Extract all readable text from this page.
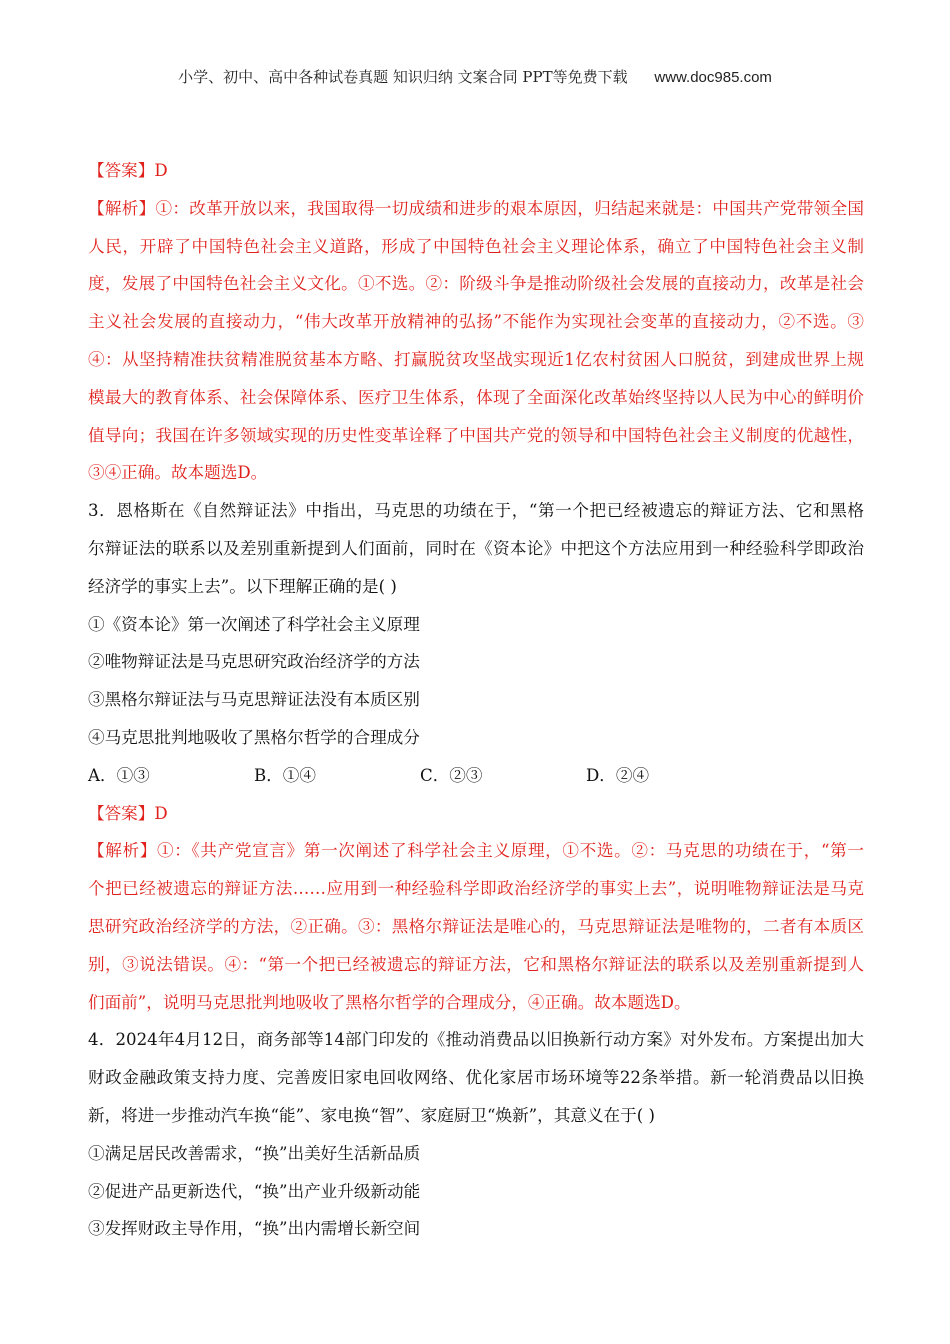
小学、初中、高中各种试卷真题 知识归纳 文案合同 PPT等免费下载 www.doc985.com

【答案】D

【解析】①：改革开放以来，我国取得一切成绩和进步的艰本原因，归结起来就是：中国共产党带领全国

人民，开辟了中国特色社会主义道路，形成了中国特色社会主义理论体系，确立了中国特色社会主义制

度，发展了中国特色社会主义文化。①不选。②：阶级斗争是推动阶级社会发展的直接动力，改革是社会

主义社会发展的直接动力，“伟大改革开放精神的弘扬”不能作为实现社会变革的直接动力，②不选。③

④：从坚持精准扶贫精准脱贫基本方略、打赢脱贫攻坚战实现近1亿农村贫困人口脱贫，到建成世界上规

模最大的教育体系、社会保障体系、医疗卫生体系，体现了全面深化改革始终坚持以人民为中心的鲜明价

值导向；我国在许多领域实现的历史性变革诠释了中国共产党的领导和中国特色社会主义制度的优越性，

③④正确。故本题选D。

3．恩格斯在《自然辩证法》中指出，马克思的功绩在于，“第一个把已经被遗忘的辩证方法、它和黑格

尔辩证法的联系以及差别重新提到人们面前，同时在《资本论》中把这个方法应用到一种经验科学即政治

经济学的事实上去”。以下理解正确的是( )

①《资本论》第一次阐述了科学社会主义原理

②唯物辩证法是马克思研究政治经济学的方法

③黑格尔辩证法与马克思辩证法没有本质区别

④马克思批判地吸收了黑格尔哲学的合理成分

A．①③	B．①④	C．②③	D．②④

【答案】D

【解析】①：《共产党宣言》第一次阐述了科学社会主义原理，①不选。②：马克思的功绩在于，“第一

个把已经被遗忘的辩证方法……应用到一种经验科学即政治经济学的事实上去”，说明唯物辩证法是马克

思研究政治经济学的方法，②正确。③：黑格尔辩证法是唯心的，马克思辩证法是唯物的，二者有本质区

别，③说法错误。④：“第一个把已经被遗忘的辩证方法，它和黑格尔辩证法的联系以及差别重新提到人

们面前”，说明马克思批判地吸收了黑格尔哲学的合理成分，④正确。故本题选D。

4．2024年4月12日，商务部等14部门印发的《推动消费品以旧换新行动方案》对外发布。方案提出加大

财政金融政策支持力度、完善废旧家电回收网络、优化家居市场环境等22条举措。新一轮消费品以旧换

新，将进一步推动汽车换“能”、家电换“智”、家庭厨卫“焕新”，其意义在于( )

①满足居民改善需求，“换”出美好生活新品质

②促进产品更新迭代，“换”出产业升级新动能

③发挥财政主导作用，“换”出内需增长新空间
